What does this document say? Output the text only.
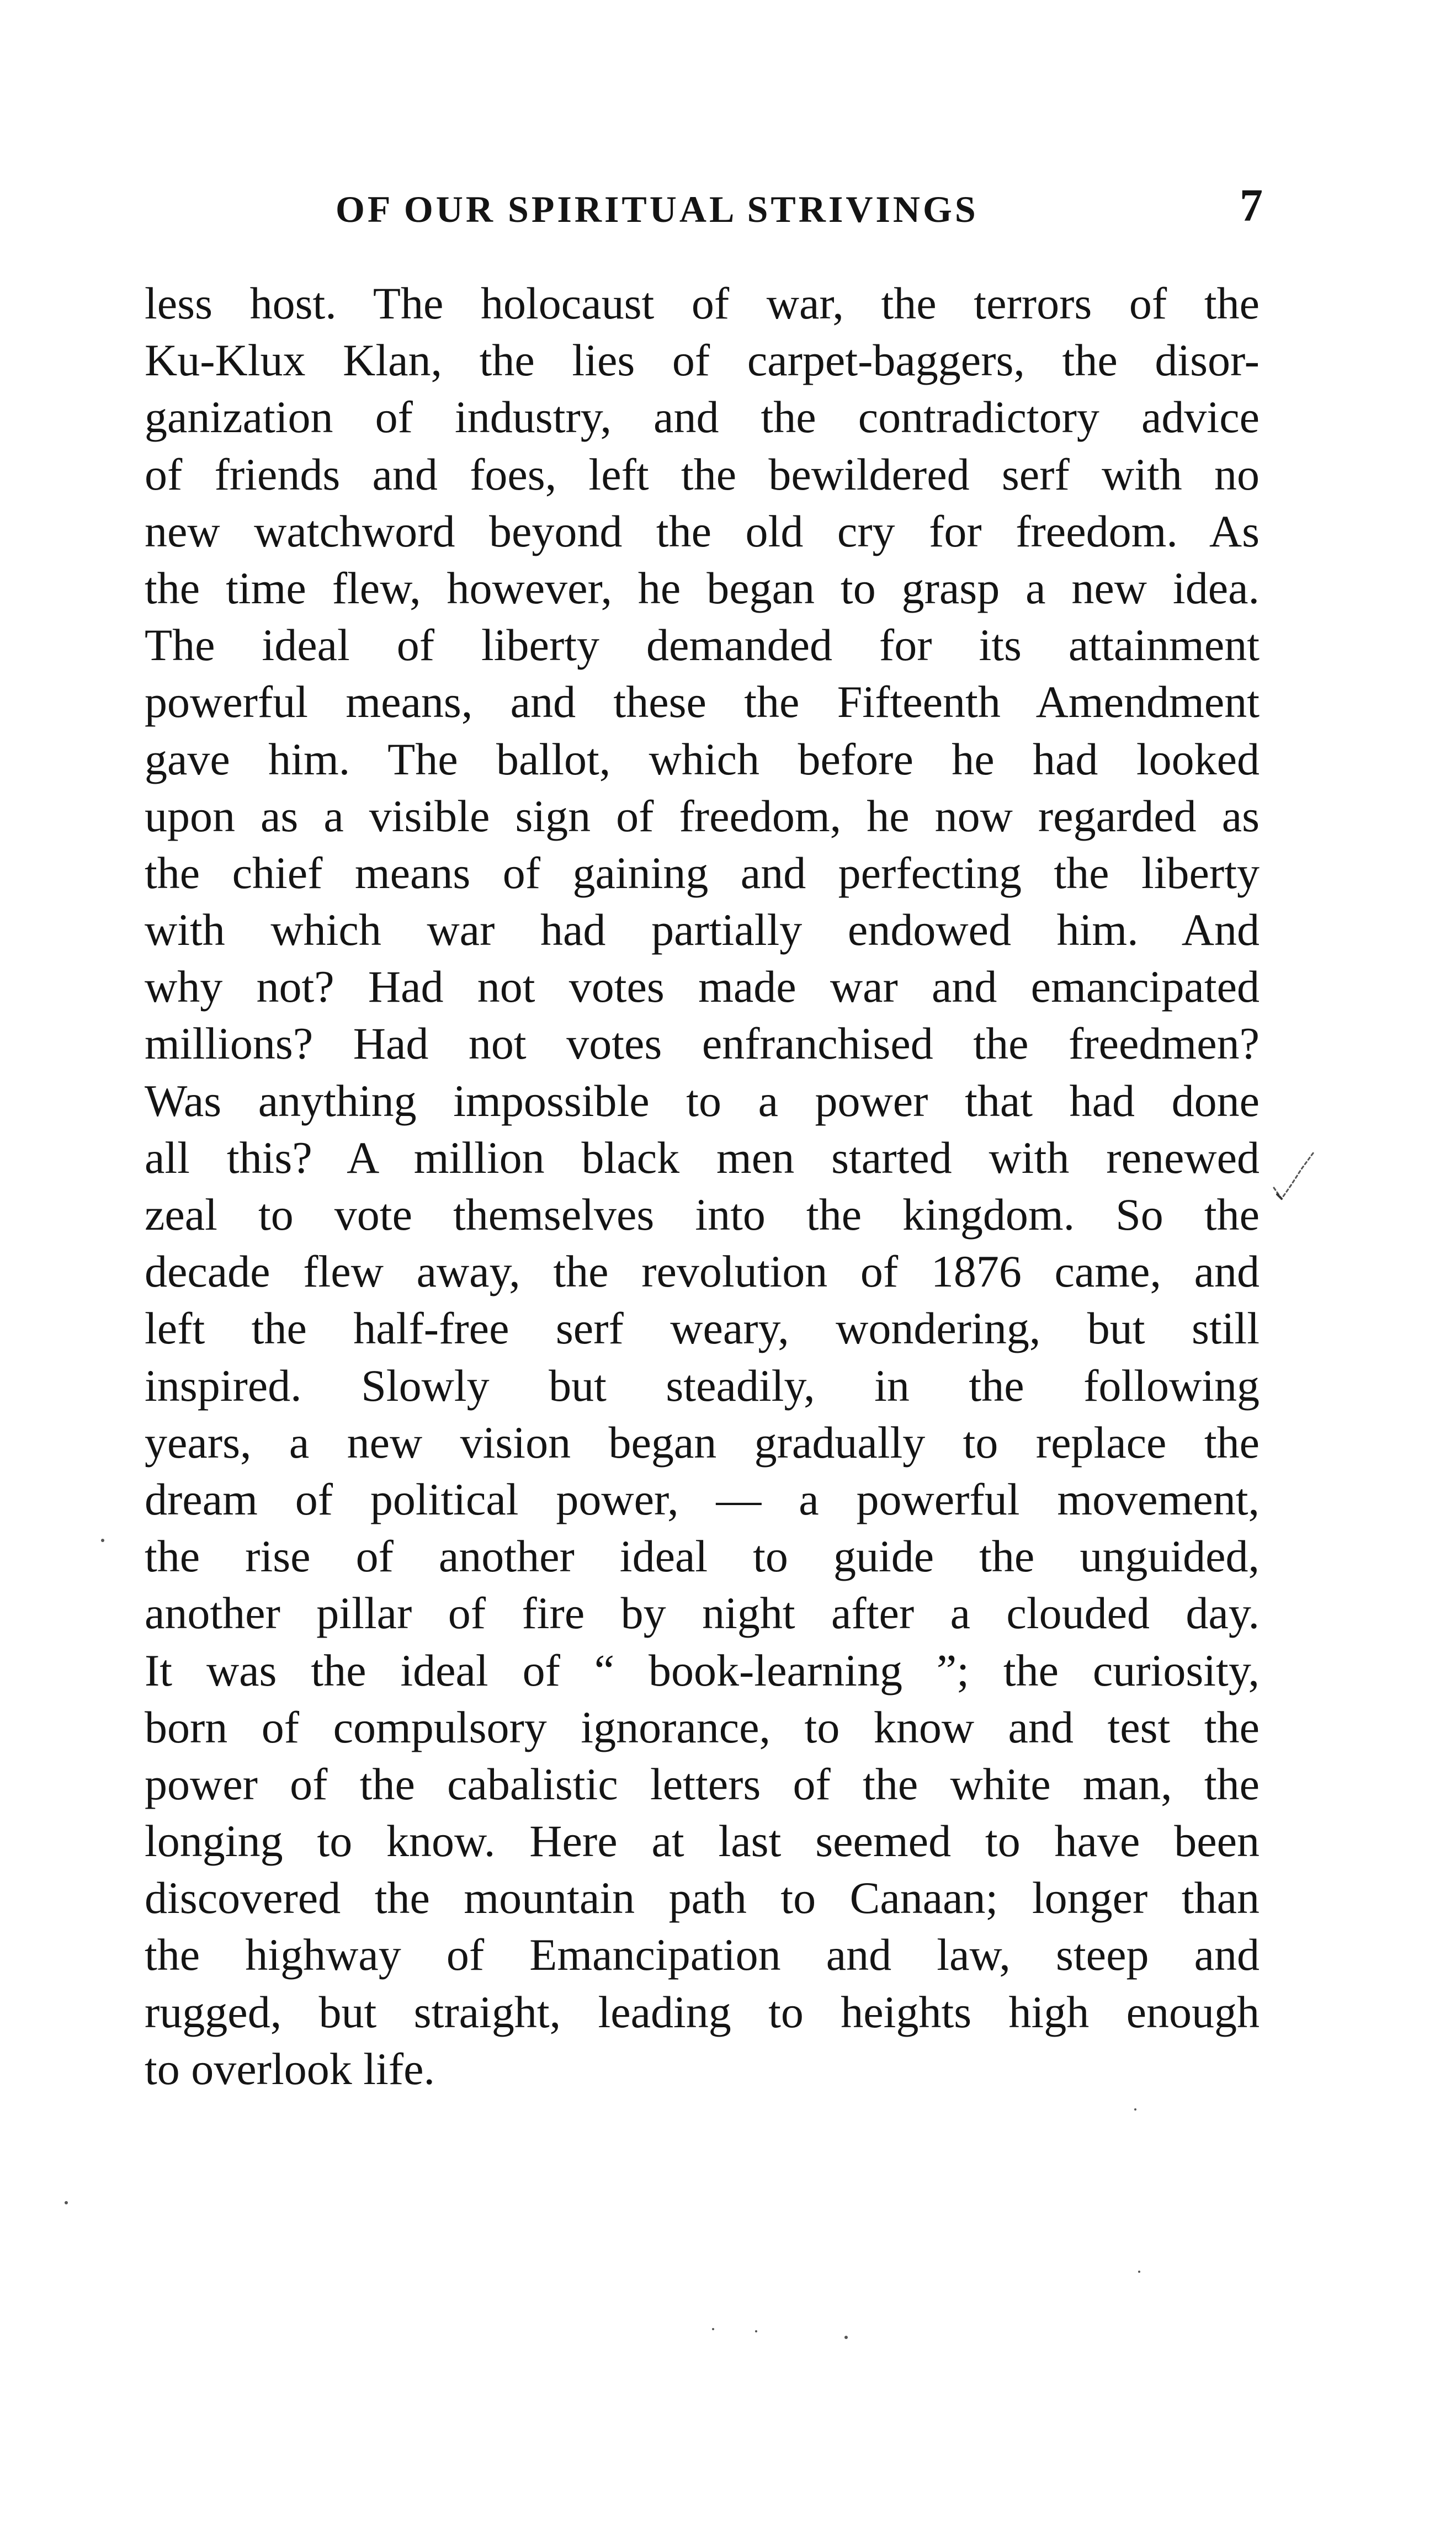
OF OUR SPIRITUAL STRIVINGS	7
less host. The holocaust of war, the terrors of the
Ku-Klux Klan, the lies of carpet-baggers, the disor-
ganization of industry, and the contradictory advice
of friends and foes, left the bewildered serf with no
new watchword beyond the old cry for freedom. As
the time flew, however, he began to grasp a new idea.
The ideal of liberty demanded for its attainment
powerful means, and these the Fifteenth Amendment
gave him. The ballot, which before he had looked
upon as a visible sign of freedom, he now regarded as
the chief means of gaining and perfecting the liberty
with which war had partially endowed him. And
why not? Had not votes made war and emancipated
millions? Had not votes enfranchised the freedmen?
Was anything impossible to a power that had done
all this? A million black men started with renewed
zeal to vote themselves into the kingdom. So the
decade flew away, the revolution of 1876 came, and
left the half-free serf weary, wondering, but still
inspired. Slowly but steadily, in the following
years, a new vision began gradually to replace the
dream of political power, — a powerful movement,
the rise of another ideal to guide the unguided,
another pillar of fire by night after a clouded day.
It was the ideal of “ book-learning ”; the curiosity,
born of compulsory ignorance, to know and test the
power of the cabalistic letters of the white man, the
longing to know. Here at last seemed to have been
discovered the mountain path to Canaan; longer than
the highway of Emancipation and law, steep and
rugged, but straight, leading to heights high enough
to overlook life.
